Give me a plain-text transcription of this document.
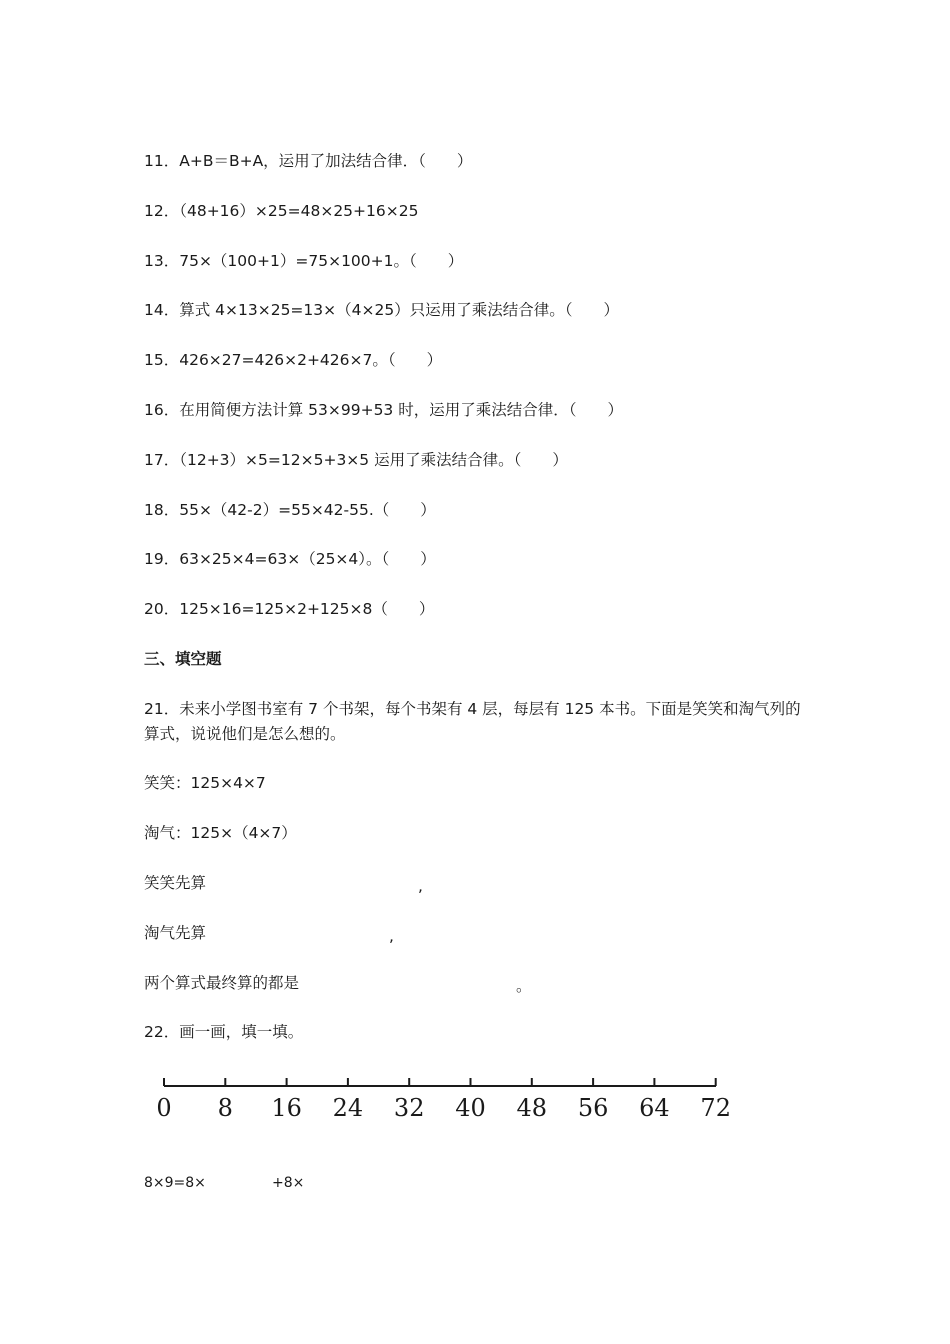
11．A+B＝B+A，运用了加法结合律．（　　）
12．（48+16）×25=48×25+16×25
13．75×（100+1）=75×100+1。（　　）
14．算式 4×13×25=13×（4×25）只运用了乘法结合律。（　　）
15．426×27=426×2+426×7。（　　）
16．在用简便方法计算 53×99+53 时，运用了乘法结合律．（　　）
17．（12+3）×5=12×5+3×5 运用了乘法结合律。（　　）
18．55×（42-2）=55×42-55.（　　）
19．63×25×4=63×（25×4）。（　　）
20．125×16=125×2+125×8（　　）
三、填空题
21．未来小学图书室有 7 个书架，每个书架有 4 层，每层有 125 本书。下面是笑笑和淘气列的算式，说说他们是怎么想的。
笑笑：125×4×7
淘气：125×（4×7）
笑笑先算	,
淘气先算	,
两个算式最终算的都是	。
22．画一画，填一填。
0 8 16 24 32 40 48 56 64 72
8×9=8×	+8×
